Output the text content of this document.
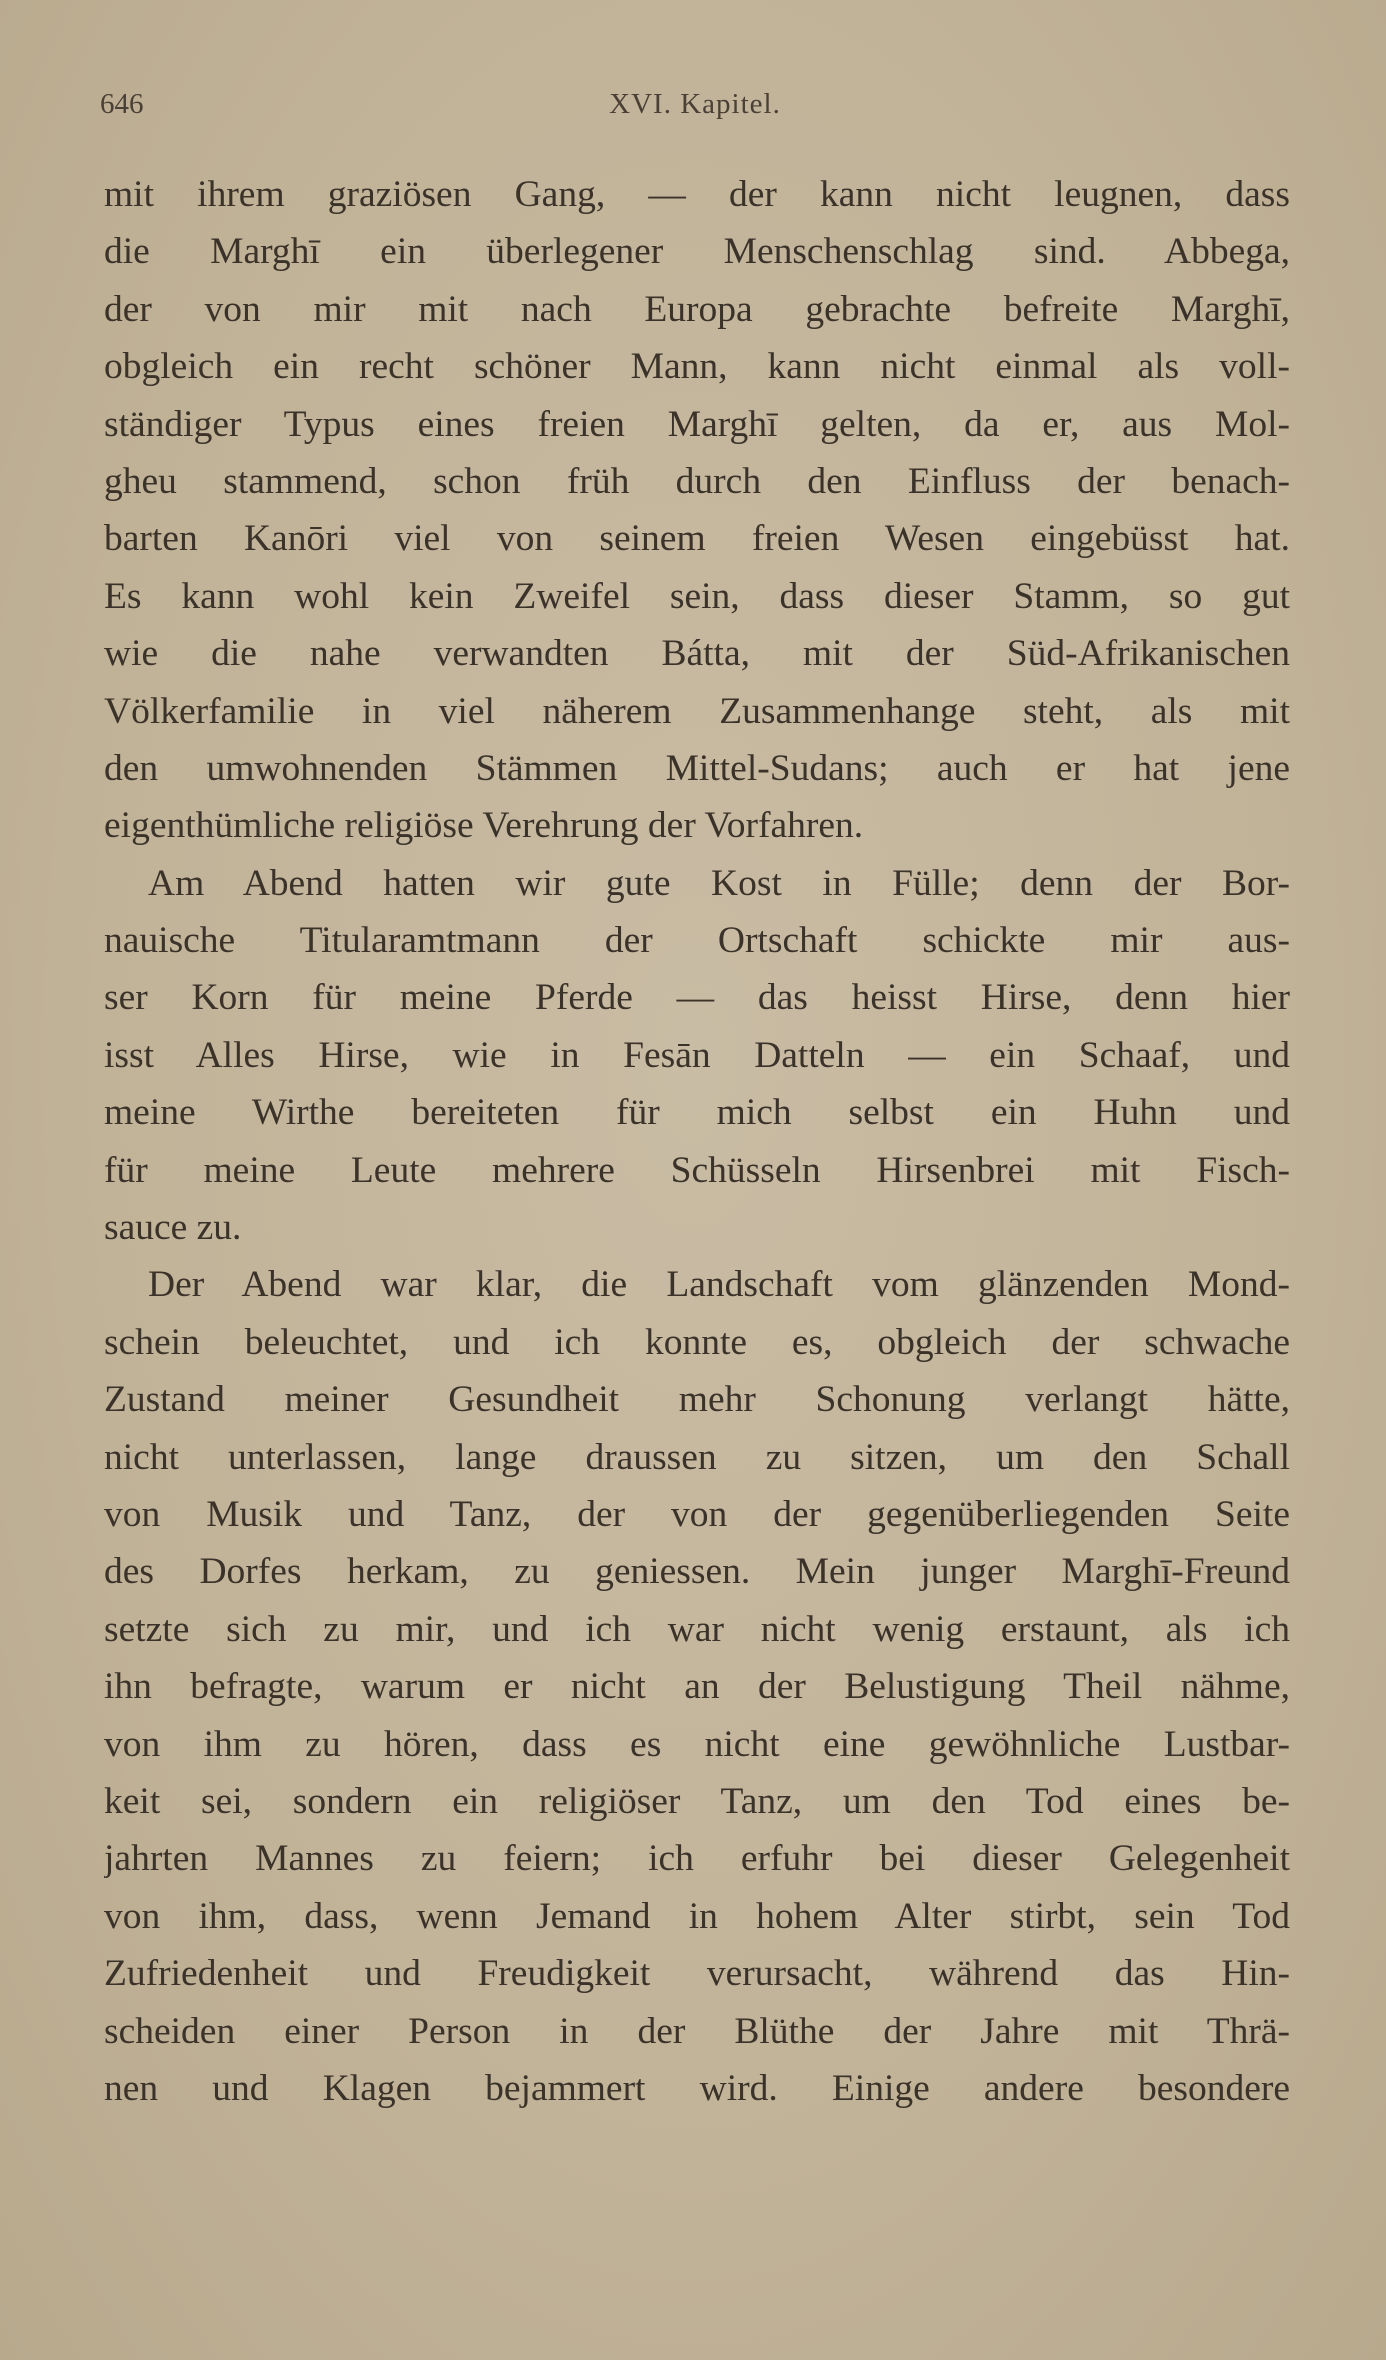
646	XVI. Kapitel.
mit ihrem graziösen Gang, — der kann nicht leugnen, dass
die Marghī ein überlegener Menschenschlag sind. Abbega,
der von mir mit nach Europa gebrachte befreite Marghī,
obgleich ein recht schöner Mann, kann nicht einmal als voll-
ständiger Typus eines freien Marghī gelten, da er, aus Mol-
gheu stammend, schon früh durch den Einfluss der benach-
barten Kanōri viel von seinem freien Wesen eingebüsst hat.
Es kann wohl kein Zweifel sein, dass dieser Stamm, so gut
wie die nahe verwandten Bátta, mit der Süd-Afrikanischen
Völkerfamilie in viel näherem Zusammenhange steht, als mit
den umwohnenden Stämmen Mittel-Sudans; auch er hat jene
eigenthümliche religiöse Verehrung der Vorfahren.
Am Abend hatten wir gute Kost in Fülle; denn der Bor-
nauische Titularamtmann der Ortschaft schickte mir aus-
ser Korn für meine Pferde — das heisst Hirse, denn hier
isst Alles Hirse, wie in Fesān Datteln — ein Schaaf, und
meine Wirthe bereiteten für mich selbst ein Huhn und
für meine Leute mehrere Schüsseln Hirsenbrei mit Fisch-
sauce zu.
Der Abend war klar, die Landschaft vom glänzenden Mond-
schein beleuchtet, und ich konnte es, obgleich der schwache
Zustand meiner Gesundheit mehr Schonung verlangt hätte,
nicht unterlassen, lange draussen zu sitzen, um den Schall
von Musik und Tanz, der von der gegenüberliegenden Seite
des Dorfes herkam, zu geniessen. Mein junger Marghī-Freund
setzte sich zu mir, und ich war nicht wenig erstaunt, als ich
ihn befragte, warum er nicht an der Belustigung Theil nähme,
von ihm zu hören, dass es nicht eine gewöhnliche Lustbar-
keit sei, sondern ein religiöser Tanz, um den Tod eines be-
jahrten Mannes zu feiern; ich erfuhr bei dieser Gelegenheit
von ihm, dass, wenn Jemand in hohem Alter stirbt, sein Tod
Zufriedenheit und Freudigkeit verursacht, während das Hin-
scheiden einer Person in der Blüthe der Jahre mit Thrä-
nen und Klagen bejammert wird. Einige andere besondere
